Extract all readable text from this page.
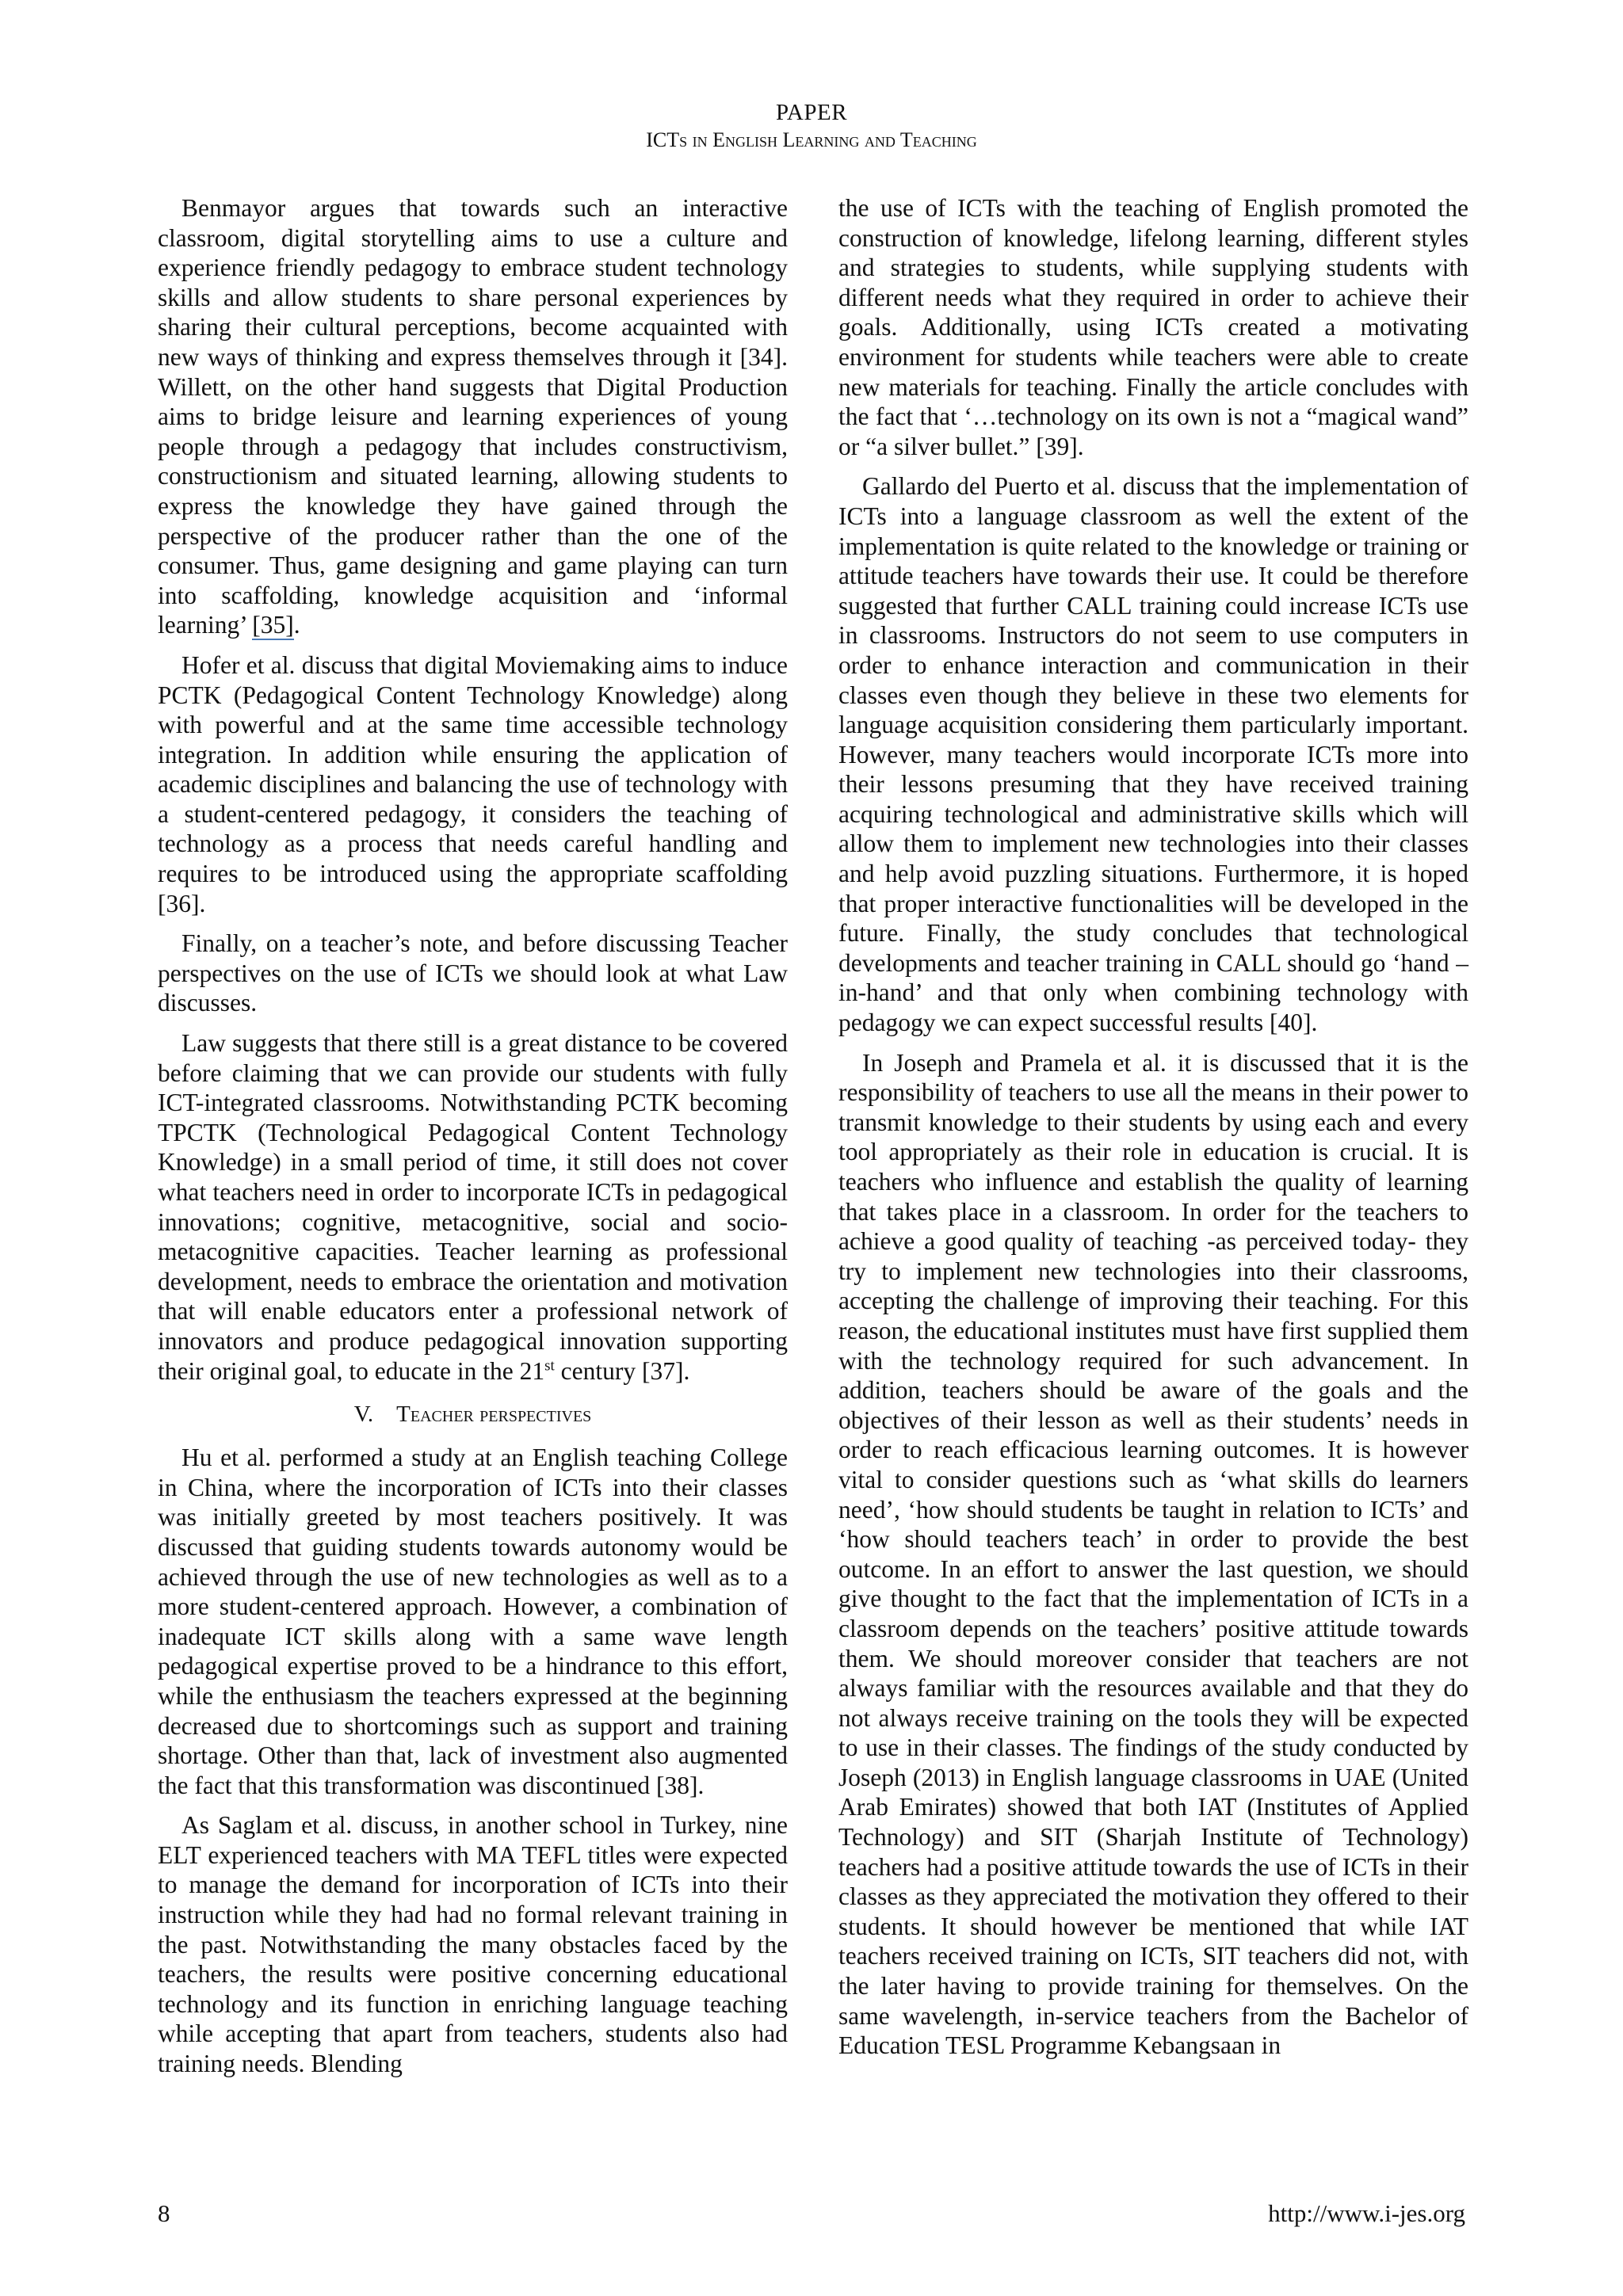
PAPER
ICTs in English Learning and Teaching

Benmayor argues that towards such an interactive classroom, digital storytelling aims to use a culture and experience friendly pedagogy to embrace student technology skills and allow students to share personal experiences by sharing their cultural perceptions, become acquainted with new ways of thinking and express themselves through it [34]. Willett, on the other hand suggests that Digital Production aims to bridge leisure and learning experiences of young people through a pedagogy that includes constructivism, constructionism and situated learning, allowing students to express the knowledge they have gained through the perspective of the producer rather than the one of the consumer. Thus, game designing and game playing can turn into scaffolding, knowledge acquisition and ‘informal learning’ [35].

Hofer et al. discuss that digital Moviemaking aims to induce PCTK (Pedagogical Content Technology Knowledge) along with powerful and at the same time accessible technology integration. In addition while ensuring the application of academic disciplines and balancing the use of technology with a student-centered pedagogy, it considers the teaching of technology as a process that needs careful handling and requires to be introduced using the appropriate scaffolding [36].

Finally, on a teacher’s note, and before discussing Teacher perspectives on the use of ICTs we should look at what Law discusses.

Law suggests that there still is a great distance to be covered before claiming that we can provide our students with fully ICT-integrated classrooms. Notwithstanding PCTK becoming TPCTK (Technological Pedagogical Content Technology Knowledge) in a small period of time, it still does not cover what teachers need in order to incorporate ICTs in pedagogical innovations; cognitive, metacognitive, social and socio-metacognitive capacities. Teacher learning as professional development, needs to embrace the orientation and motivation that will enable educators enter a professional network of innovators and produce pedagogical innovation supporting their original goal, to educate in the 21st century [37].

V. Teacher perspectives

Hu et al. performed a study at an English teaching College in China, where the incorporation of ICTs into their classes was initially greeted by most teachers positively. It was discussed that guiding students towards autonomy would be achieved through the use of new technologies as well as to a more student-centered approach. However, a combination of inadequate ICT skills along with a same wave length pedagogical expertise proved to be a hindrance to this effort, while the enthusiasm the teachers expressed at the beginning decreased due to shortcomings such as support and training shortage. Other than that, lack of investment also augmented the fact that this transformation was discontinued [38].

As Saglam et al. discuss, in another school in Turkey, nine ELT experienced teachers with MA TEFL titles were expected to manage the demand for incorporation of ICTs into their instruction while they had had no formal relevant training in the past. Notwithstanding the many obstacles faced by the teachers, the results were positive concerning educational technology and its function in enriching language teaching while accepting that apart from teachers, students also had training needs. Blending

the use of ICTs with the teaching of English promoted the construction of knowledge, lifelong learning, different styles and strategies to students, while supplying students with different needs what they required in order to achieve their goals. Additionally, using ICTs created a motivating environment for students while teachers were able to create new materials for teaching. Finally the article concludes with the fact that ‘…technology on its own is not a “magical wand” or “a silver bullet.” [39].

Gallardo del Puerto et al. discuss that the implementation of ICTs into a language classroom as well the extent of the implementation is quite related to the knowledge or training or attitude teachers have towards their use. It could be therefore suggested that further CALL training could increase ICTs use in classrooms. Instructors do not seem to use computers in order to enhance interaction and communication in their classes even though they believe in these two elements for language acquisition considering them particularly important. However, many teachers would incorporate ICTs more into their lessons presuming that they have received training acquiring technological and administrative skills which will allow them to implement new technologies into their classes and help avoid puzzling situations. Furthermore, it is hoped that proper interactive functionalities will be developed in the future. Finally, the study concludes that technological developments and teacher training in CALL should go ‘hand –in-hand’ and that only when combining technology with pedagogy we can expect successful results [40].

In Joseph and Pramela et al. it is discussed that it is the responsibility of teachers to use all the means in their power to transmit knowledge to their students by using each and every tool appropriately as their role in education is crucial. It is teachers who influence and establish the quality of learning that takes place in a classroom. In order for the teachers to achieve a good quality of teaching -as perceived today- they try to implement new technologies into their classrooms, accepting the challenge of improving their teaching. For this reason, the educational institutes must have first supplied them with the technology required for such advancement. In addition, teachers should be aware of the goals and the objectives of their lesson as well as their students’ needs in order to reach efficacious learning outcomes. It is however vital to consider questions such as ‘what skills do learners need’, ‘how should students be taught in relation to ICTs’ and ‘how should teachers teach’ in order to provide the best outcome. In an effort to answer the last question, we should give thought to the fact that the implementation of ICTs in a classroom depends on the teachers’ positive attitude towards them. We should moreover consider that teachers are not always familiar with the resources available and that they do not always receive training on the tools they will be expected to use in their classes. The findings of the study conducted by Joseph (2013) in English language classrooms in UAE (United Arab Emirates) showed that both IAT (Institutes of Applied Technology) and SIT (Sharjah Institute of Technology) teachers had a positive attitude towards the use of ICTs in their classes as they appreciated the motivation they offered to their students. It should however be mentioned that while IAT teachers received training on ICTs, SIT teachers did not, with the later having to provide training for themselves. On the same wavelength, in-service teachers from the Bachelor of Education TESL Programme Kebangsaan in

8	http://www.i-jes.org
